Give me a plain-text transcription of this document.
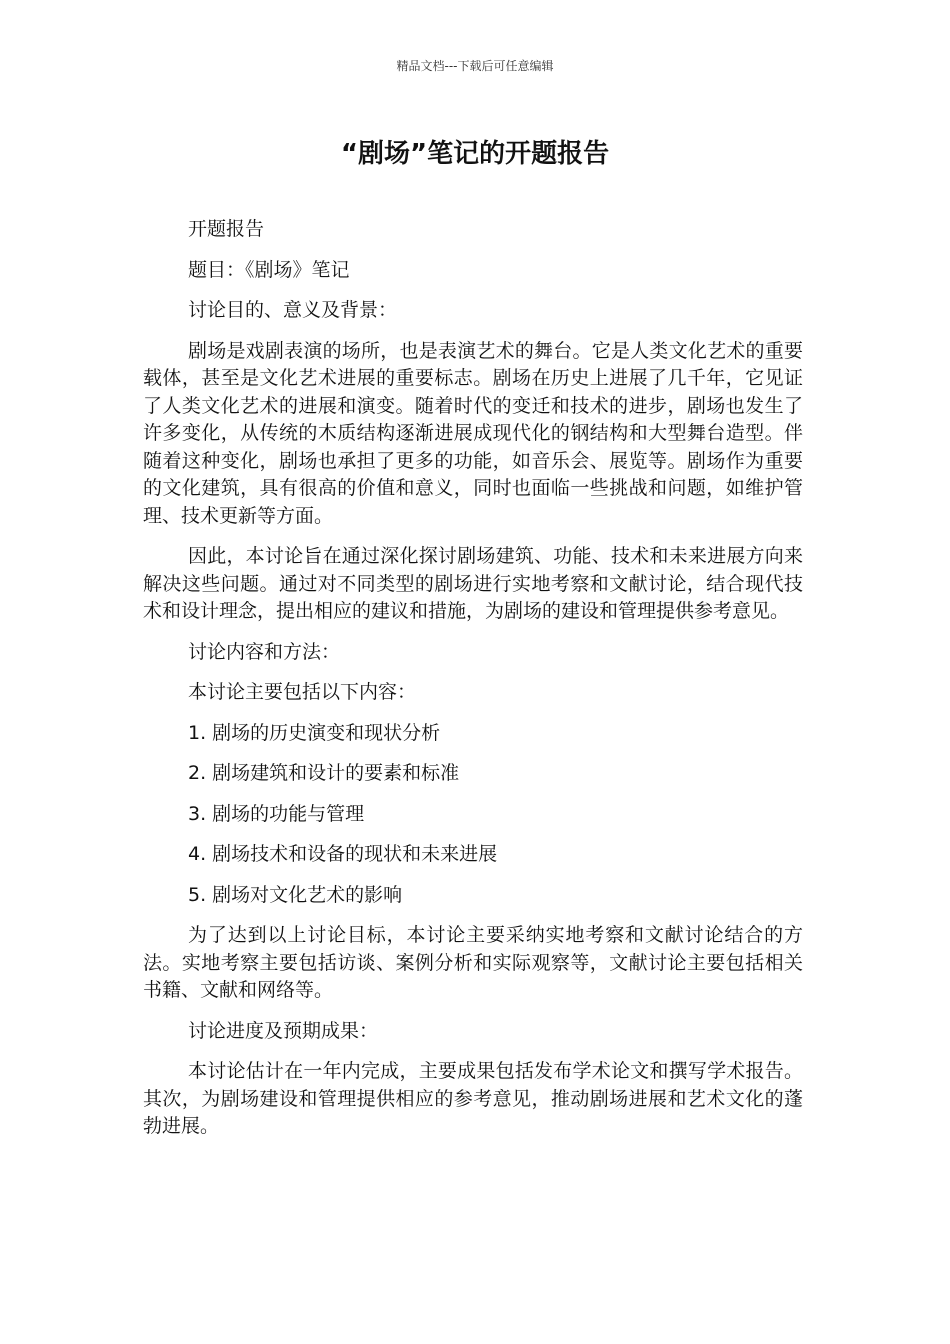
精品文档---下载后可任意编辑
“剧场”笔记的开题报告

开题报告

题目：《剧场》笔记

讨论目的、意义及背景：

剧场是戏剧表演的场所，也是表演艺术的舞台。它是人类文化艺术的重要载体，甚至是文化艺术进展的重要标志。剧场在历史上进展了几千年，它见证了人类文化艺术的进展和演变。随着时代的变迁和技术的进步，剧场也发生了许多变化，从传统的木质结构逐渐进展成现代化的钢结构和大型舞台造型。伴随着这种变化，剧场也承担了更多的功能，如音乐会、展览等。剧场作为重要的文化建筑，具有很高的价值和意义，同时也面临一些挑战和问题，如维护管理、技术更新等方面。

因此，本讨论旨在通过深化探讨剧场建筑、功能、技术和未来进展方向来解决这些问题。通过对不同类型的剧场进行实地考察和文献讨论，结合现代技术和设计理念，提出相应的建议和措施，为剧场的建设和管理提供参考意见。

讨论内容和方法：

本讨论主要包括以下内容：

1. 剧场的历史演变和现状分析

2. 剧场建筑和设计的要素和标准

3. 剧场的功能与管理

4. 剧场技术和设备的现状和未来进展

5. 剧场对文化艺术的影响

为了达到以上讨论目标，本讨论主要采纳实地考察和文献讨论结合的方法。实地考察主要包括访谈、案例分析和实际观察等，文献讨论主要包括相关书籍、文献和网络等。

讨论进度及预期成果：

本讨论估计在一年内完成，主要成果包括发布学术论文和撰写学术报告。其次，为剧场建设和管理提供相应的参考意见，推动剧场进展和艺术文化的蓬勃进展。
